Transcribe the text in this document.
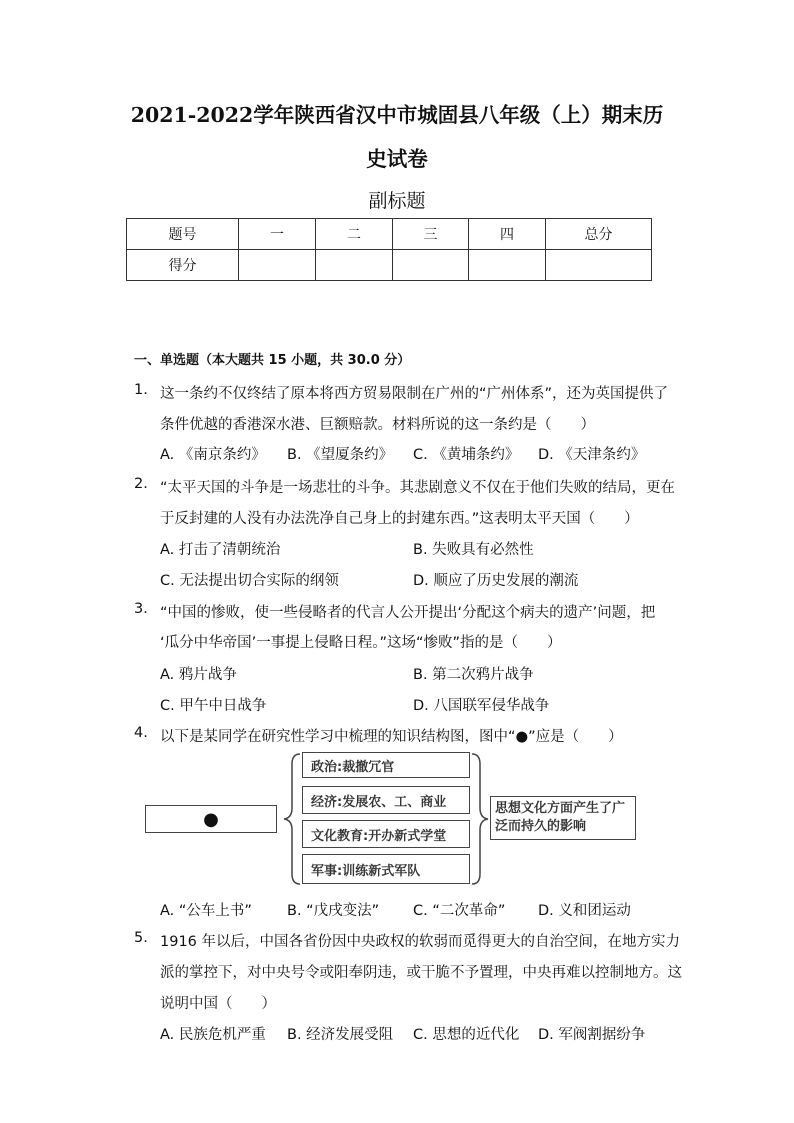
2021-2022学年陕西省汉中市城固县八年级（上）期末历
史试卷
副标题
题号	一	二	三	四	总分
得分					
一、单选题（本大题共 15 小题，共 30.0 分）
1. 这一条约不仅终结了原本将西方贸易限制在广州的“广州体系”，还为英国提供了
条件优越的香港深水港、巨额赔款。材料所说的这一条约是（　　）
A. 《南京条约》 B. 《望厦条约》 C. 《黄埔条约》 D. 《天津条约》
2. “太平天国的斗争是一场悲壮的斗争。其悲剧意义不仅在于他们失败的结局，更在
于反封建的人没有办法洗净自己身上的封建东西。”这表明太平天国（　　）
A. 打击了清朝统治	B. 失败具有必然性
C. 无法提出切合实际的纲领	D. 顺应了历史发展的潮流
3. “中国的惨败，使一些侵略者的代言人公开提出‘分配这个病夫的遗产’问题，把
‘瓜分中华帝国’一事提上侵略日程。”这场“惨败”指的是（　　）
A. 鸦片战争	B. 第二次鸦片战争
C. 甲午中日战争	D. 八国联军侵华战争
4. 以下是某同学在研究性学习中梳理的知识结构图，图中“●”应是（　　）
●
政治:裁撤冗官
经济:发展农、工、商业
文化教育:开办新式学堂
军事:训练新式军队
思想文化方面产生了广泛而持久的影响
A. “公车上书” B. “戊戌变法” C. “二次革命” D. 义和团运动
5. 1916 年以后，中国各省份因中央政权的软弱而觅得更大的自治空间，在地方实力
派的掌控下，对中央号令或阳奉阴违，或干脆不予置理，中央再难以控制地方。这
说明中国（　　）
A. 民族危机严重 B. 经济发展受阻 C. 思想的近代化 D. 军阀割据纷争
